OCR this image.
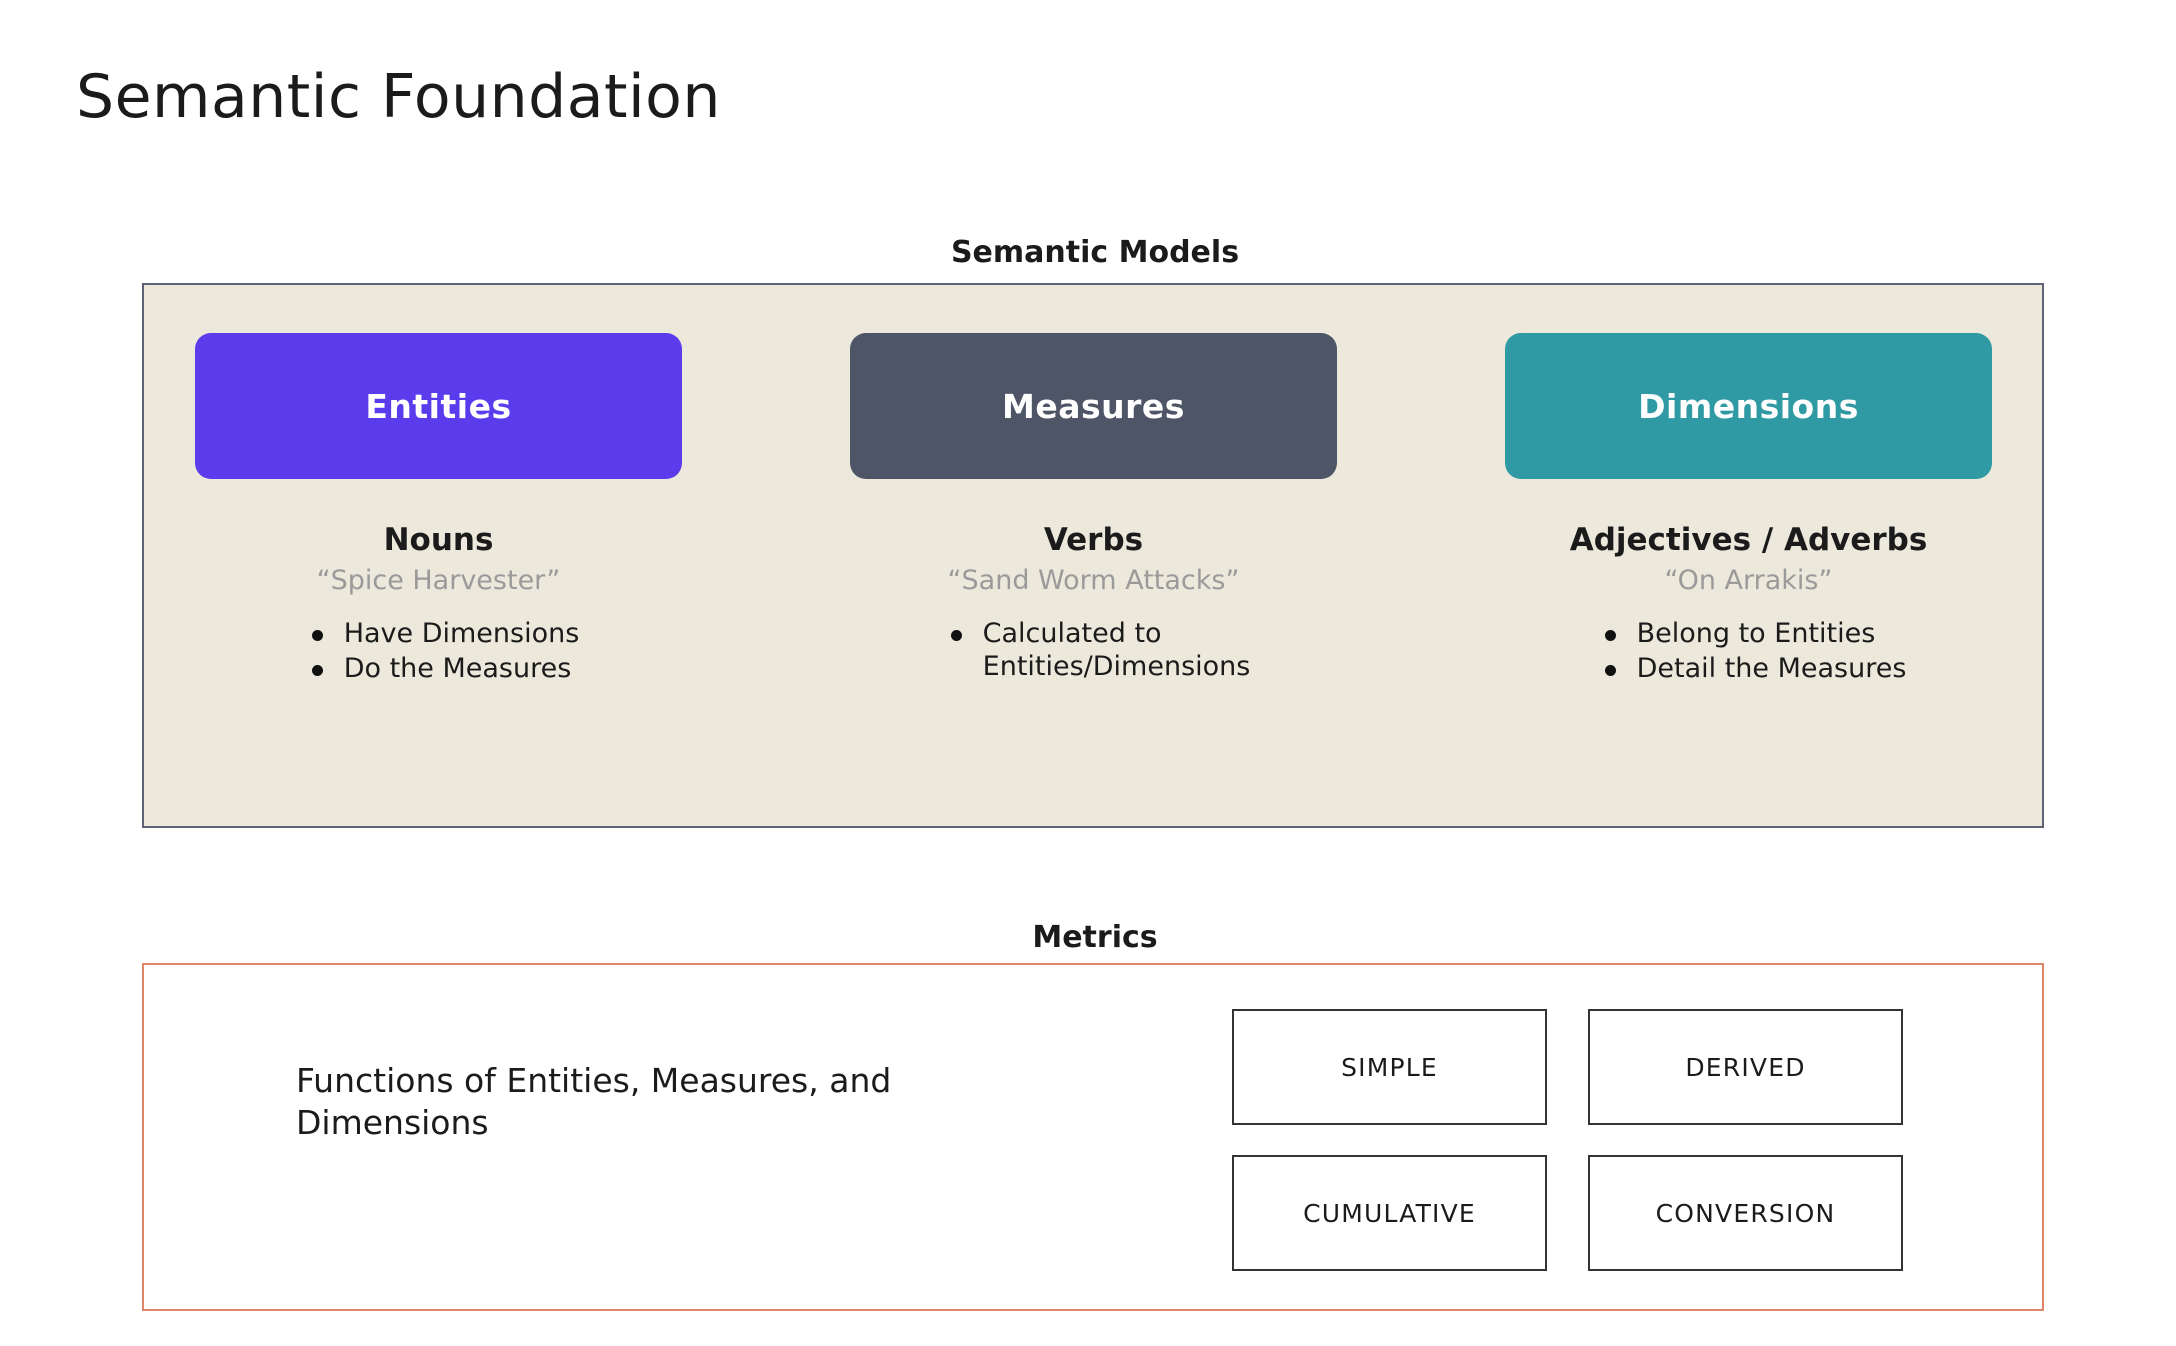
Semantic Foundation
Semantic Models
Entities
Nouns
“Spice Harvester”
Have Dimensions
Do the Measures
Measures
Verbs
“Sand Worm Attacks”
Calculated to
Entities/Dimensions
Dimensions
Adjectives / Adverbs
“On Arrakis”
Belong to Entities
Detail the Measures
Metrics
Functions of Entities, Measures, and Dimensions
SIMPLE	DERIVED
CUMULATIVE	CONVERSION
